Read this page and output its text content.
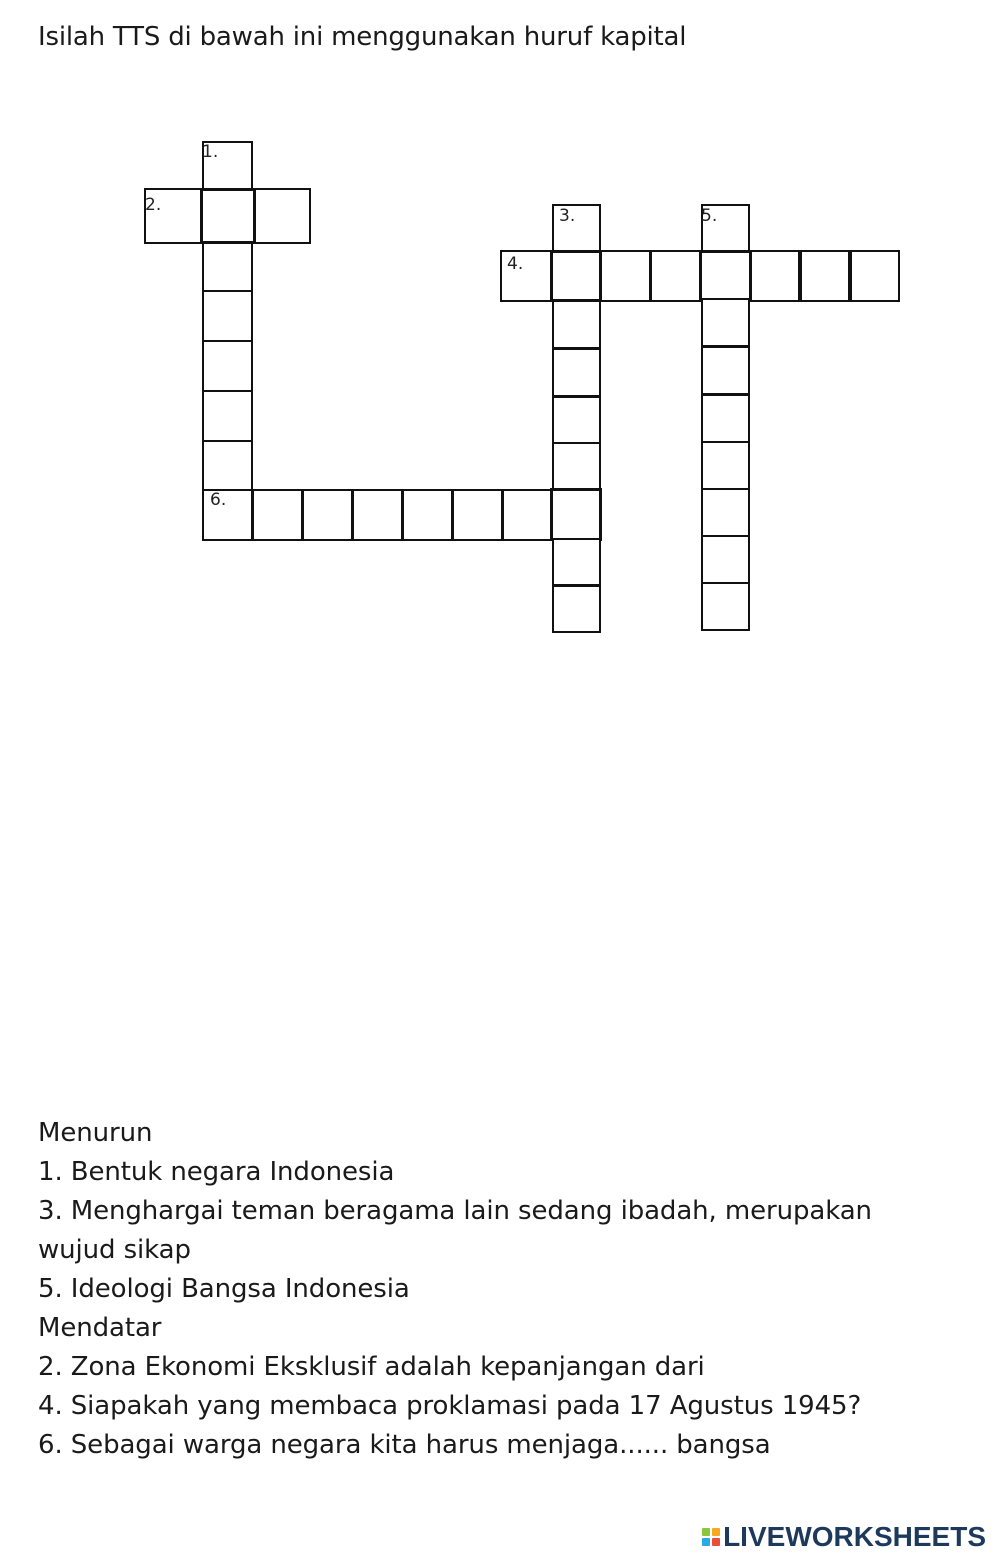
Isilah TTS di bawah ini menggunakan huruf kapital
1.
2.
3.
4.
5.
6.
Menurun
1. Bentuk negara Indonesia
3. Menghargai teman beragama lain sedang ibadah, merupakan
wujud sikap
5. Ideologi Bangsa Indonesia
Mendatar
2. Zona Ekonomi Eksklusif adalah kepanjangan dari
4. Siapakah yang membaca proklamasi pada 17 Agustus 1945?
6. Sebagai warga negara kita harus menjaga...... bangsa
LIVEWORKSHEETS
